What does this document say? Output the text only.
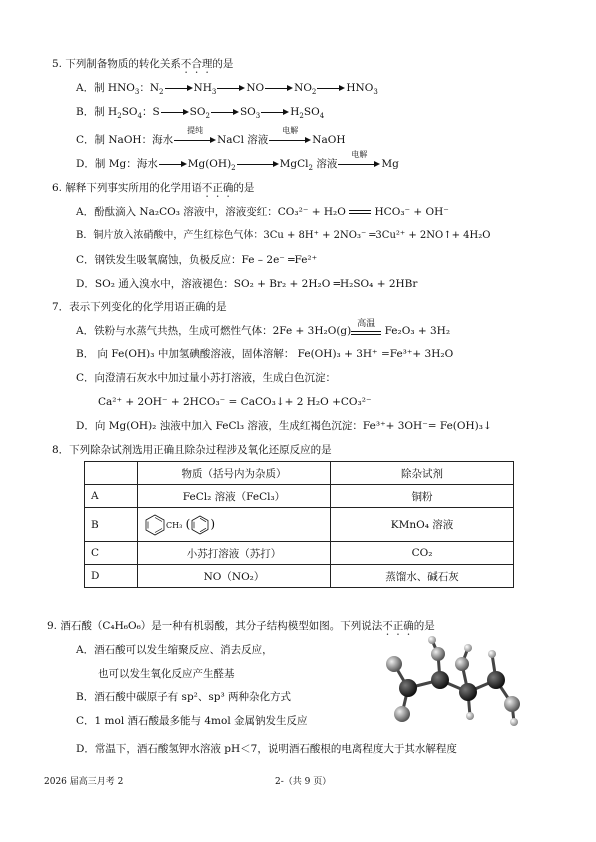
5. 下列制备物质的转化关系不合理的是
A．制 $HNO_3$：$N_2$	$NH_3$	NO	$NO_2$	$HNO_3$
B．制 $H_2SO_4$：S	$SO_2$	$SO_3$	$H_2SO_4$
C．制 NaOH：海水
提纯
NaCl 溶液
电解
NaOH
D．制 Mg：海水	$Mg(OH)_2$	MgCl$_2$ 溶液
电解
Mg
6. 解释下列事实所用的化学用语不正确的是
A．酚酞滴入 Na₂CO₃ 溶液中，溶液变红：CO₃²⁻ + H₂O	HCO₃⁻ + OH⁻
B．铜片放入浓硝酸中，产生红棕色气体：3Cu + 8H⁺ + 2NO₃⁻ ═3Cu²⁺ + 2NO↑+ 4H₂O
C．钢铁发生吸氧腐蚀，负极反应：Fe – 2e⁻ ═Fe²⁺
D．SO₂ 通入溴水中，溶液褪色：SO₂ + Br₂ + 2H₂O ═H₂SO₄ + 2HBr
7．表示下列变化的化学用语正确的是
A．铁粉与水蒸气共热，生成可燃性气体：2Fe + 3H₂O(g)
高温
Fe₂O₃ + 3H₂
B． 向 Fe(OH)₃ 中加氢碘酸溶液，固体溶解： Fe(OH)₃ + 3H⁺ =Fe³⁺+ 3H₂O
C．向澄清石灰水中加过量小苏打溶液，生成白色沉淀：
Ca²⁺ + 2OH⁻ + 2HCO₃⁻ = CaCO₃↓+ 2 H₂O +CO₃²⁻
D．向 Mg(OH)₂ 浊液中加入 FeCl₃ 溶液，生成红褐色沉淀：Fe³⁺+ 3OH⁻= Fe(OH)₃↓
8．下列除杂试剂选用正确且除杂过程涉及氧化还原反应的是
	物质（括号内为杂质）	除杂试剂
A	FeCl₂ 溶液（FeCl₃）	铜粉
B	CH₃ ( )	KMnO₄ 溶液
C	小苏打溶液（苏打）	CO₂
D	NO（NO₂）	蒸馏水、碱石灰
9. 酒石酸（C₄H₆O₆）是一种有机弱酸，其分子结构模型如图。下列说法不正确的是
A．酒石酸可以发生缩聚反应、消去反应，
也可以发生氧化反应产生醛基
B．酒石酸中碳原子有 sp²、sp³ 两种杂化方式
C．1 mol 酒石酸最多能与 4mol 金属钠发生反应
D．常温下，酒石酸氢钾水溶液 pH＜7，说明酒石酸根的电离程度大于其水解程度
2026 届高三月考 2	2-（共 9 页）
